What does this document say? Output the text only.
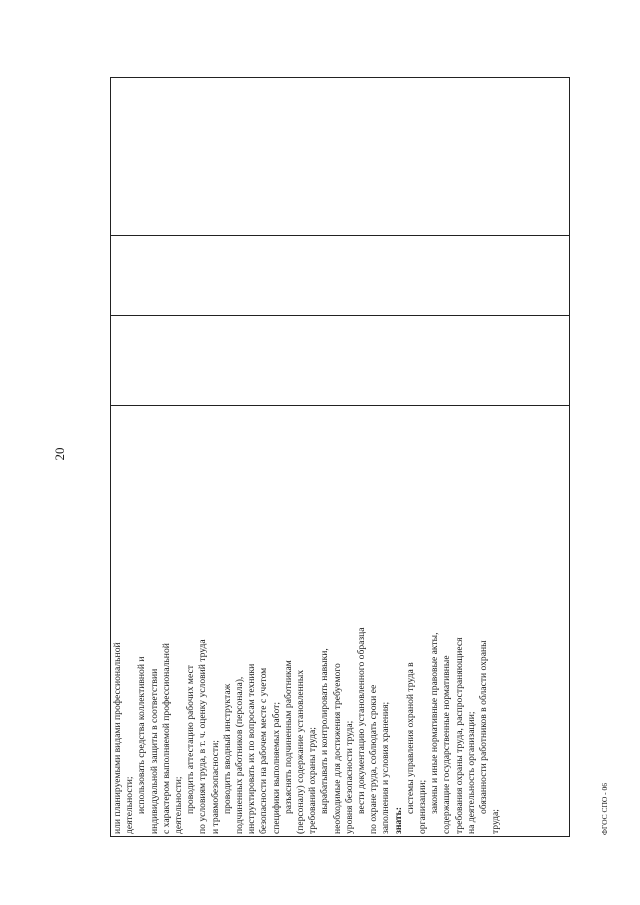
20
или планируемыми видами профессиональной деятельности; использовать средства коллективной и индивидуальной защиты в соответствии с характером выполняемой профессиональной деятельности; проводить аттестацию рабочих мест по условиям труда, в т. ч. оценку условий труда и травмобезопасности; проводить вводный инструктаж подчиненных работников (персонала), инструктировать их по вопросам техники безопасности на рабочем месте с учетом специфики выполняемых работ; разъяснять подчиненным работникам (персоналу) содержание установленных требований охраны труда; вырабатывать и контролировать навыки, необходимые для достижения требуемого уровня безопасности труда; вести документацию установленного образца по охране труда, соблюдать сроки ее заполнения и условия хранения; знать:
системы управления охраной труда в организации; законы и иные нормативные правовые акты, содержащие государственные нормативные требования охраны труда, распространяющиеся на деятельность организации; обязанности работников в области охраны
труда;	ФГОС СПО - 06
